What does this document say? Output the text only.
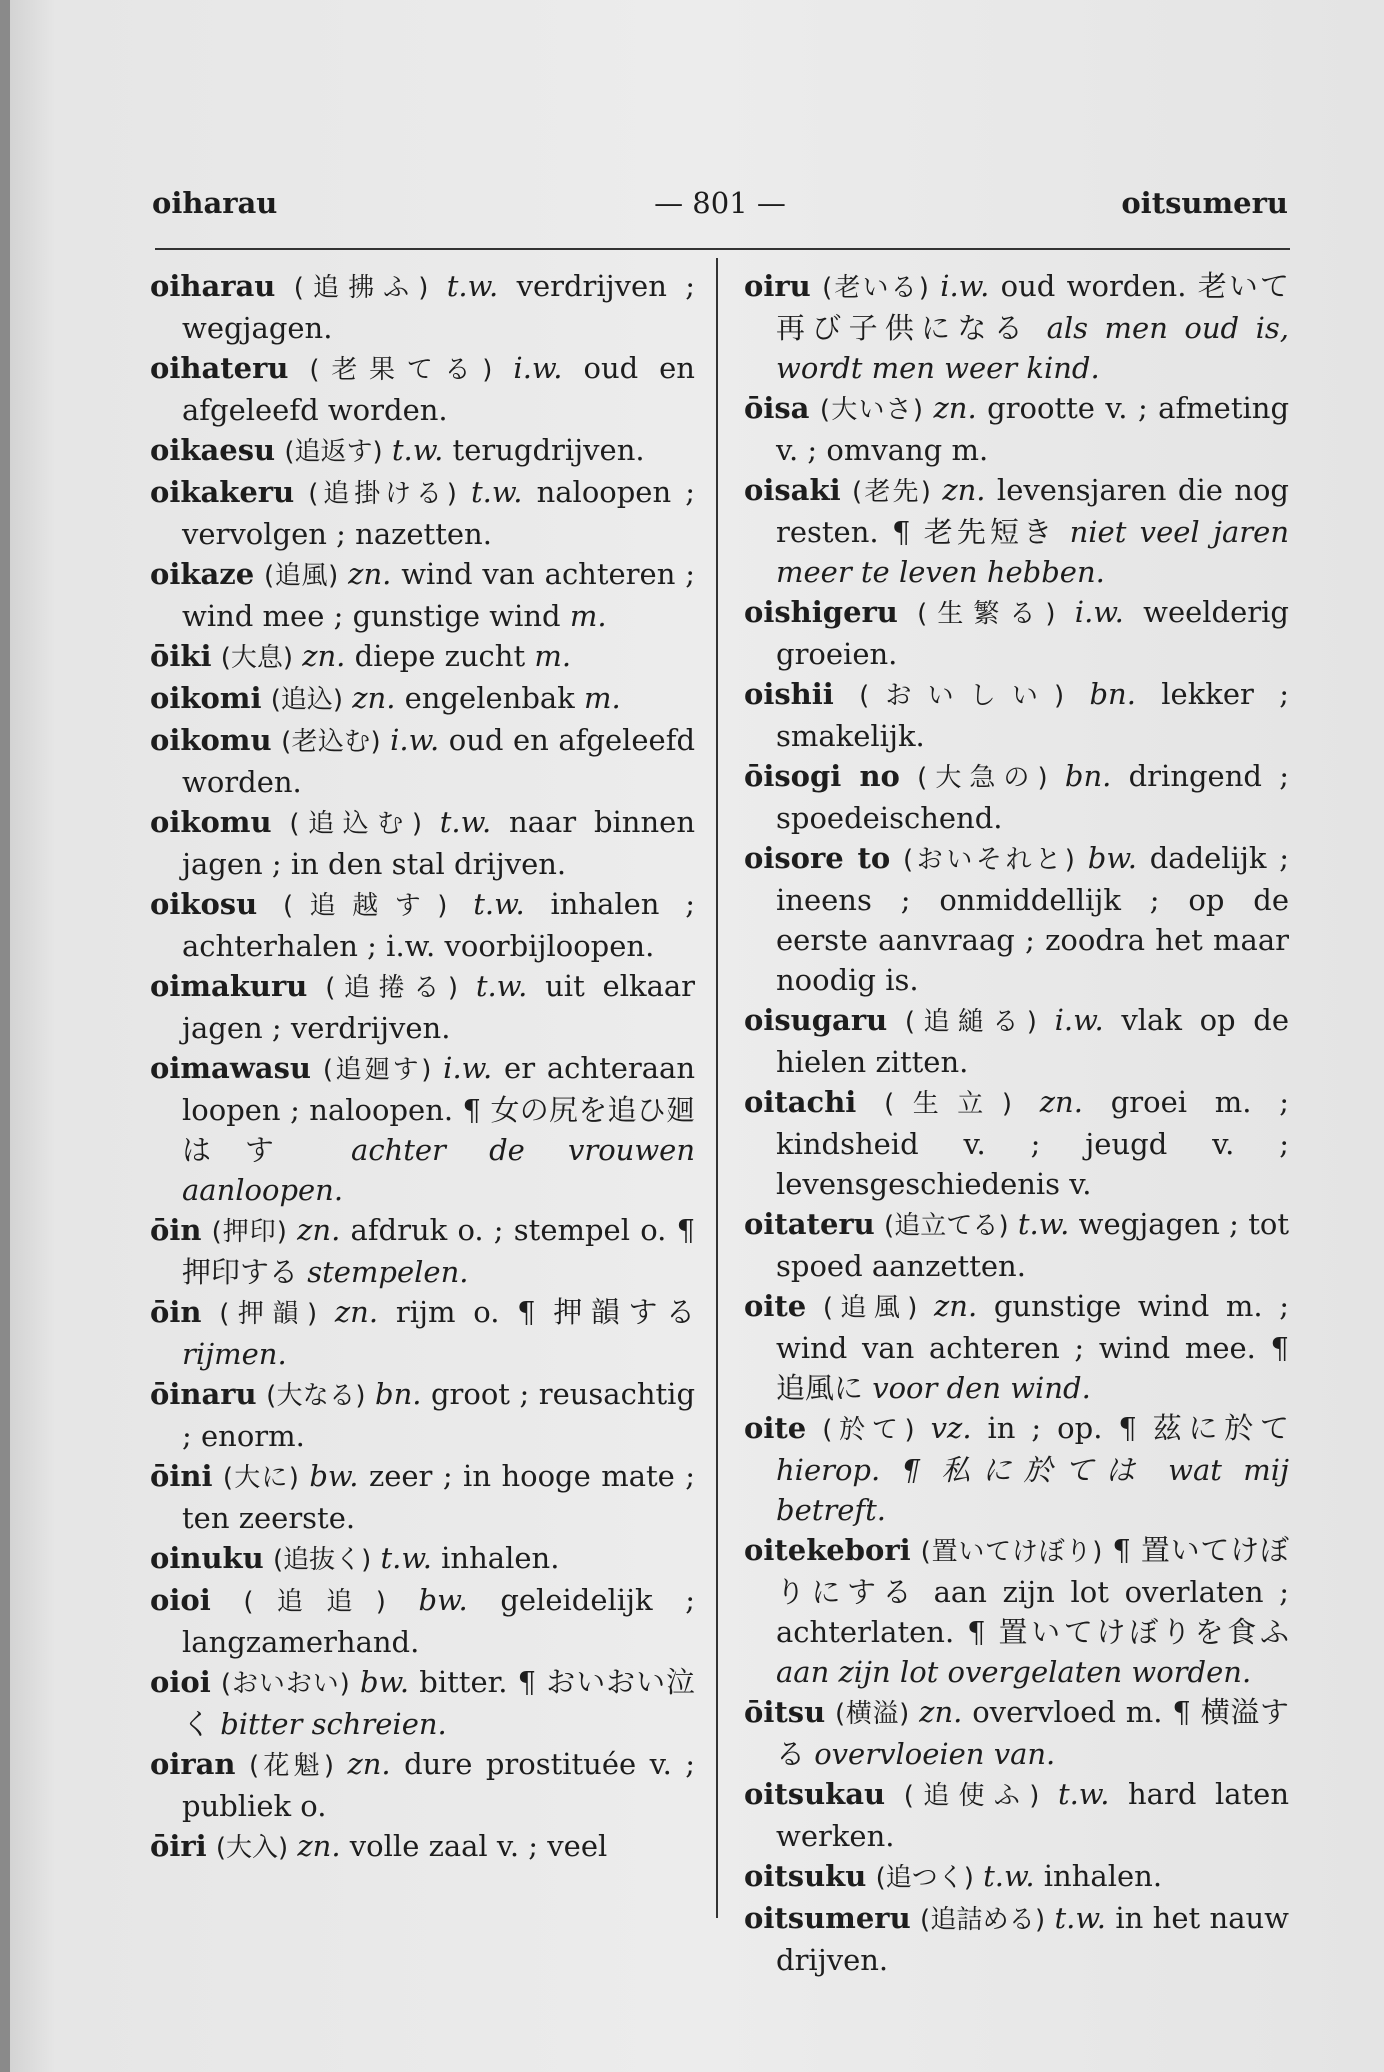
oiharau	— 801 —	oitsumeru
oiharau (追拂ふ) t.w. verdrijven ; wegjagen.
oihateru (老果てる) i.w. oud en afgeleefd worden.
oikaesu (追返す) t.w. terugdrijven.
oikakeru (追掛ける) t.w. naloopen ; vervolgen ; nazetten.
oikaze (追風) zn. wind van achteren ; wind mee ; gunstige wind m.
ōiki (大息) zn. diepe zucht m.
oikomi (追込) zn. engelenbak m.
oikomu (老込む) i.w. oud en afgeleefd worden.
oikomu (追込む) t.w. naar binnen jagen ; in den stal drijven.
oikosu (追越す) t.w. inhalen ; achterhalen ; i.w. voorbijloopen.
oimakuru (追捲る) t.w. uit elkaar jagen ; verdrijven.
oimawasu (追廻す) i.w. er achteraan loopen ; naloopen. ¶ 女の尻を追ひ廻はす achter de vrouwen aanloopen.
ōin (押印) zn. afdruk o. ; stempel o. ¶ 押印する stempelen.
ōin (押韻) zn. rijm o. ¶ 押韻する rijmen.
ōinaru (大なる) bn. groot ; reusachtig ; enorm.
ōini (大に) bw. zeer ; in hooge mate ; ten zeerste.
oinuku (追抜く) t.w. inhalen.
oioi (追追) bw. geleidelijk ; langzamerhand.
oioi (おいおい) bw. bitter. ¶ おいおい泣く bitter schreien.
oiran (花魁) zn. dure prostituée v. ; publiek o.
ōiri (大入) zn. volle zaal v. ; veel
oiru (老いる) i.w. oud worden. 老いて再び子供になる als men oud is, wordt men weer kind.
ōisa (大いさ) zn. grootte v. ; afmeting v. ; omvang m.
oisaki (老先) zn. levensjaren die nog resten. ¶ 老先短き niet veel jaren meer te leven hebben.
oishigeru (生繁る) i.w. weelderig groeien.
oishii (おいしい) bn. lekker ; smakelijk.
ōisogi no (大急の) bn. dringend ; spoedeischend.
oisore to (おいそれと) bw. dadelijk ; ineens ; onmiddellijk ; op de eerste aanvraag ; zoodra het maar noodig is.
oisugaru (追縋る) i.w. vlak op de hielen zitten.
oitachi (生立) zn. groei m. ; kindsheid v. ; jeugd v. ; levensgeschiedenis v.
oitateru (追立てる) t.w. wegjagen ; tot spoed aanzetten.
oite (追風) zn. gunstige wind m. ; wind van achteren ; wind mee. ¶ 追風に voor den wind.
oite (於て) vz. in ; op. ¶ 茲に於て hierop. ¶ 私に於ては wat mij betreft.
oitekebori (置いてけぼり) ¶ 置いてけぼりにする aan zijn lot overlaten ; achterlaten. ¶ 置いてけぼりを食ふ aan zijn lot overgelaten worden.
ōitsu (横溢) zn. overvloed m. ¶ 横溢する overvloeien van.
oitsukau (追使ふ) t.w. hard laten werken.
oitsuku (追つく) t.w. inhalen.
oitsumeru (追詰める) t.w. in het nauw drijven.
